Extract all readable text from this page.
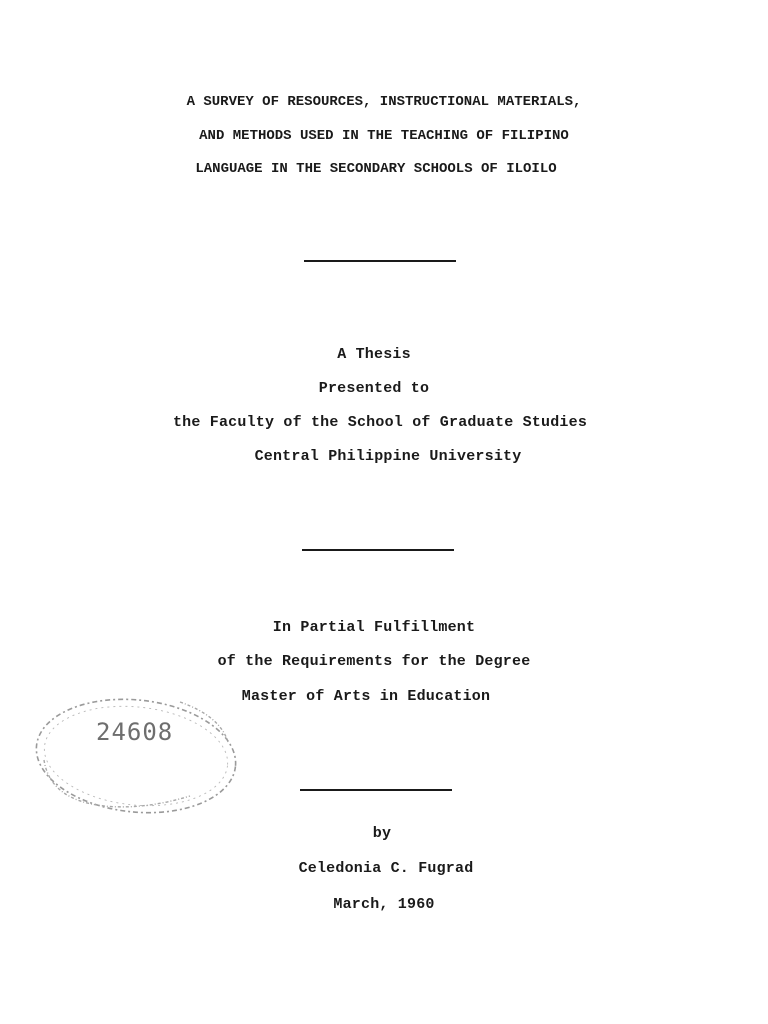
A SURVEY OF RESOURCES, INSTRUCTIONAL MATERIALS,
AND METHODS USED IN THE TEACHING OF FILIPINO
LANGUAGE IN THE SECONDARY SCHOOLS OF ILOILO
A Thesis
Presented to
the Faculty of the School of Graduate Studies
Central Philippine University
In Partial Fulfillment
of the Requirements for the Degree
Master of Arts in Education
by
Celedonia C. Fugrad
March, 1960
24608
